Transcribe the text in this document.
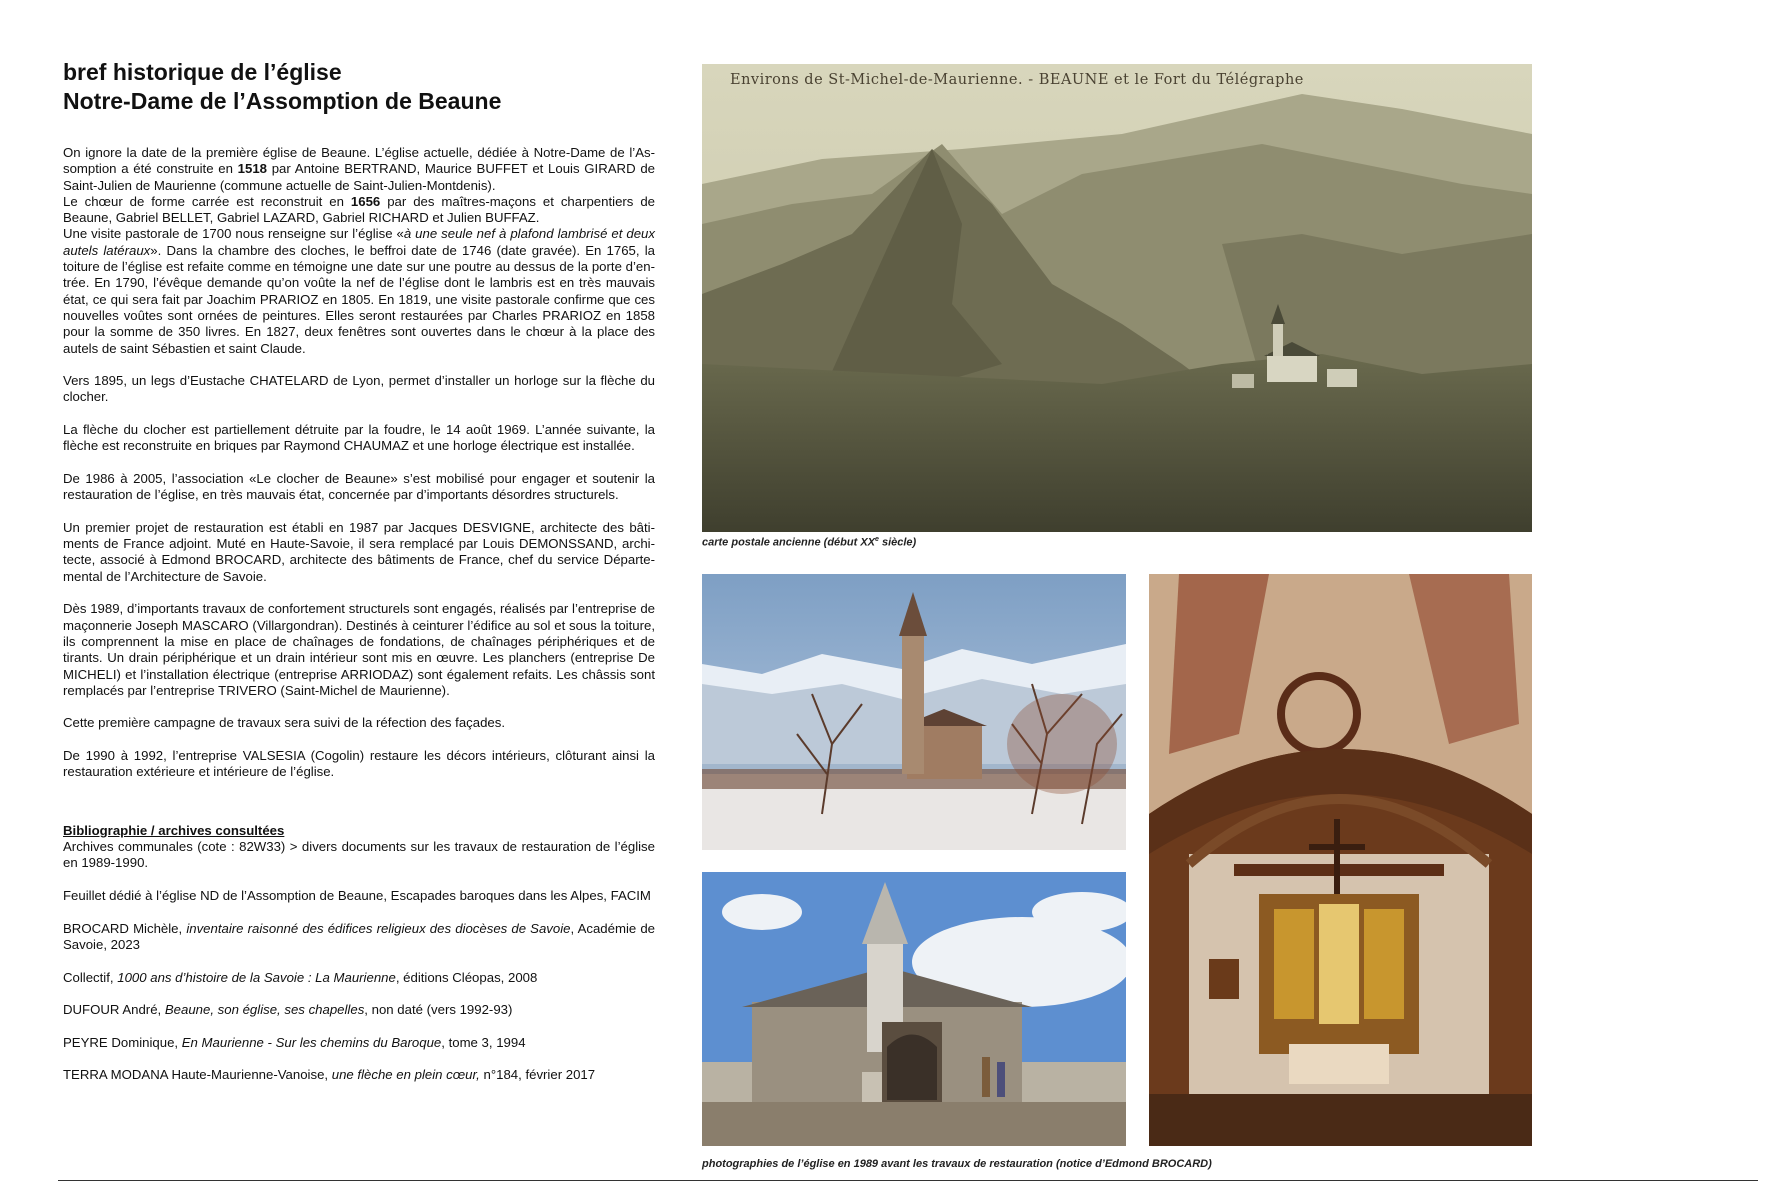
bref historique de l’église
Notre-Dame de l’Assomption de Beaune

On ignore la date de la première église de Beaune. L’église actuelle, dédiée à Notre-Dame de l’As-somption a été construite en 1518 par Antoine BERTRAND, Maurice BUFFET et Louis GIRARD de Saint-Julien de Maurienne (commune actuelle de Saint-Julien-Montdenis).

Le chœur de forme carrée est reconstruit en 1656 par des maîtres-maçons et charpentiers de Beaune, Gabriel BELLET, Gabriel LAZARD, Gabriel RICHARD et Julien BUFFAZ.

Une visite pastorale de 1700 nous renseigne sur l’église «à une seule nef à plafond lambrisé et deux autels latéraux». Dans la chambre des cloches, le beffroi date de 1746 (date gravée). En 1765, la toiture de l’église est refaite comme en témoigne une date sur une poutre au dessus de la porte d’en-trée. En 1790, l’évêque demande qu’on voûte la nef de l’église dont le lambris est en très mauvais état, ce qui sera fait par Joachim PRARIOZ en 1805. En 1819, une visite pastorale confirme que ces nouvelles voûtes sont ornées de peintures. Elles seront restaurées par Charles PRARIOZ en 1858 pour la somme de 350 livres. En 1827, deux fenêtres sont ouvertes dans le chœur à la place des autels de saint Sébastien et saint Claude.

Vers 1895, un legs d’Eustache CHATELARD de Lyon, permet d’installer un horloge sur la flèche du clocher.

La flèche du clocher est partiellement détruite par la foudre, le 14 août 1969. L’année suivante, la flèche est reconstruite en briques par Raymond CHAUMAZ et une horloge électrique est installée.

De 1986 à 2005, l’association «Le clocher de Beaune» s’est mobilisé pour engager et soutenir la restauration de l’église, en très mauvais état, concernée par d’importants désordres structurels.

Un premier projet de restauration est établi en 1987 par Jacques DESVIGNE, architecte des bâti-ments de France adjoint. Muté en Haute-Savoie, il sera remplacé par Louis DEMONSSAND, archi-tecte, associé à Edmond BROCARD, architecte des bâtiments de France, chef du service Départe-mental de l’Architecture de Savoie.

Dès 1989, d’importants travaux de confortement structurels sont engagés, réalisés par l’entreprise de maçonnerie Joseph MASCARO (Villargondran). Destinés à ceinturer l’édifice au sol et sous la toiture, ils comprennent la mise en place de chaînages de fondations, de chaînages périphériques et de tirants. Un drain périphérique et un drain intérieur sont mis en œuvre. Les planchers (entreprise De MICHELI) et l’installation électrique (entreprise ARRIODAZ) sont également refaits. Les châssis sont remplacés par l’entreprise TRIVERO (Saint-Michel de Maurienne).

Cette première campagne de travaux sera suivi de la réfection des façades.

De 1990 à 1992, l’entreprise VALSESIA (Cogolin) restaure les décors intérieurs, clôturant ainsi la restauration extérieure et intérieure de l’église.

Bibliographie / archives consultées

Archives communales (cote : 82W33) > divers documents sur les travaux de restauration de l’église en 1989-1990.

Feuillet dédié à l’église ND de l’Assomption de Beaune, Escapades baroques dans les Alpes, FACIM

BROCARD Michèle, inventaire raisonné des édifices religieux des diocèses de Savoie, Académie de Savoie, 2023

Collectif, 1000 ans d’histoire de la Savoie : La Maurienne, éditions Cléopas, 2008

DUFOUR André, Beaune, son église, ses chapelles, non daté (vers 1992-93)

PEYRE Dominique, En Maurienne - Sur les chemins du Baroque, tome 3, 1994

TERRA MODANA Haute-Maurienne-Vanoise, une flèche en plein cœur, n°184, février 2017

Environs de St-Michel-de-Maurienne. - BEAUNE et le Fort du Télégraphe
carte postale ancienne (début XXe siècle)
photographies de l’église en 1989 avant les travaux de restauration (notice d’Edmond BROCARD)
